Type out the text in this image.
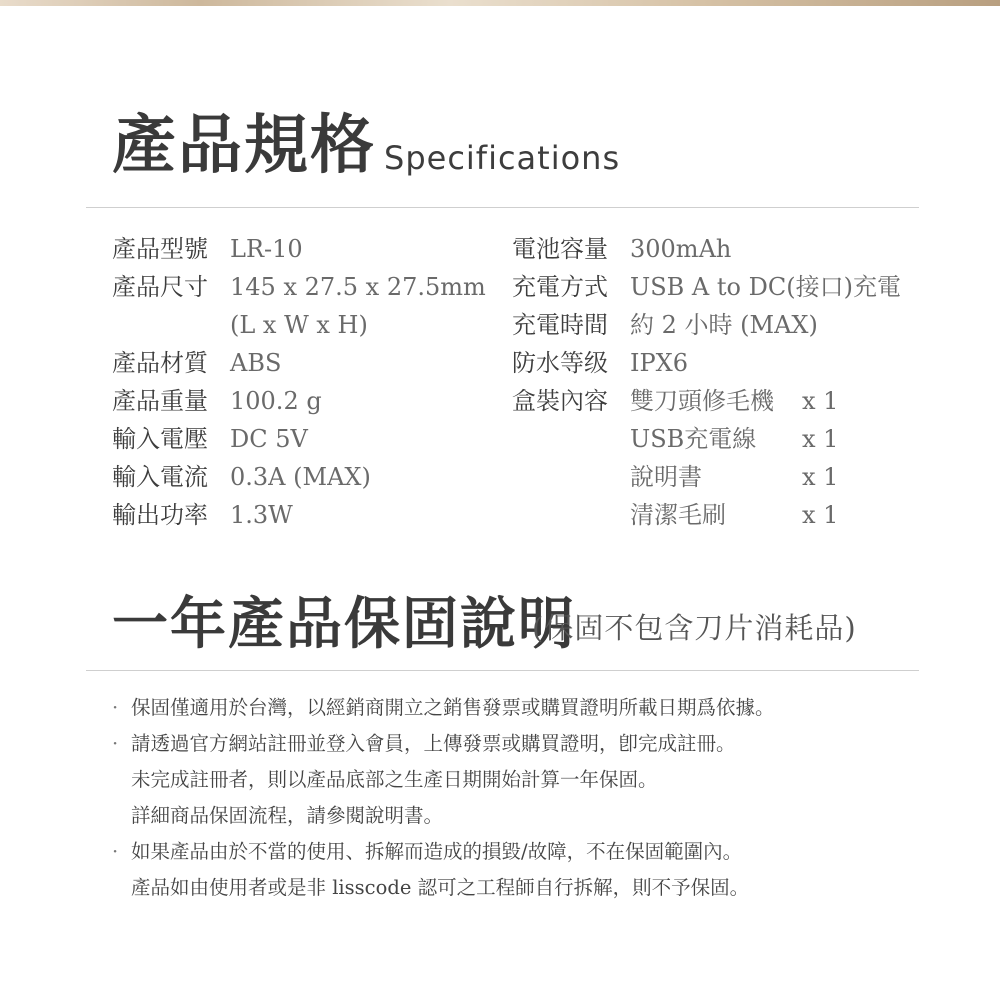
產品規格 Specifications
產品型號 LR-10
產品尺寸 145 x 27.5 x 27.5mm
(L x W x H)
產品材質 ABS
產品重量 100.2 g
輸入電壓 DC 5V
輸入電流 0.3A (MAX)
輸出功率 1.3W
電池容量 300mAh
充電方式 USB A to DC(接口)充電
充電時間 約 2 小時 (MAX)
防水等级 IPX6
盒裝內容 雙刀頭修毛機 x 1
USB充電線 x 1
說明書	x 1
清潔毛刷	x 1
一年產品保固說明
(保固不包含刀片消耗品)
· 保固僅適用於台灣，以經銷商開立之銷售發票或購買證明所載日期爲依據。
· 請透過官方網站註冊並登入會員，上傳發票或購買證明，卽完成註冊。
未完成註冊者，則以產品底部之生產日期開始計算一年保固。
詳細商品保固流程，請參閱說明書。
· 如果產品由於不當的使用、拆解而造成的損毀/故障，不在保固範圍內。
產品如由使用者或是非 lisscode 認可之工程師自行拆解，則不予保固。
